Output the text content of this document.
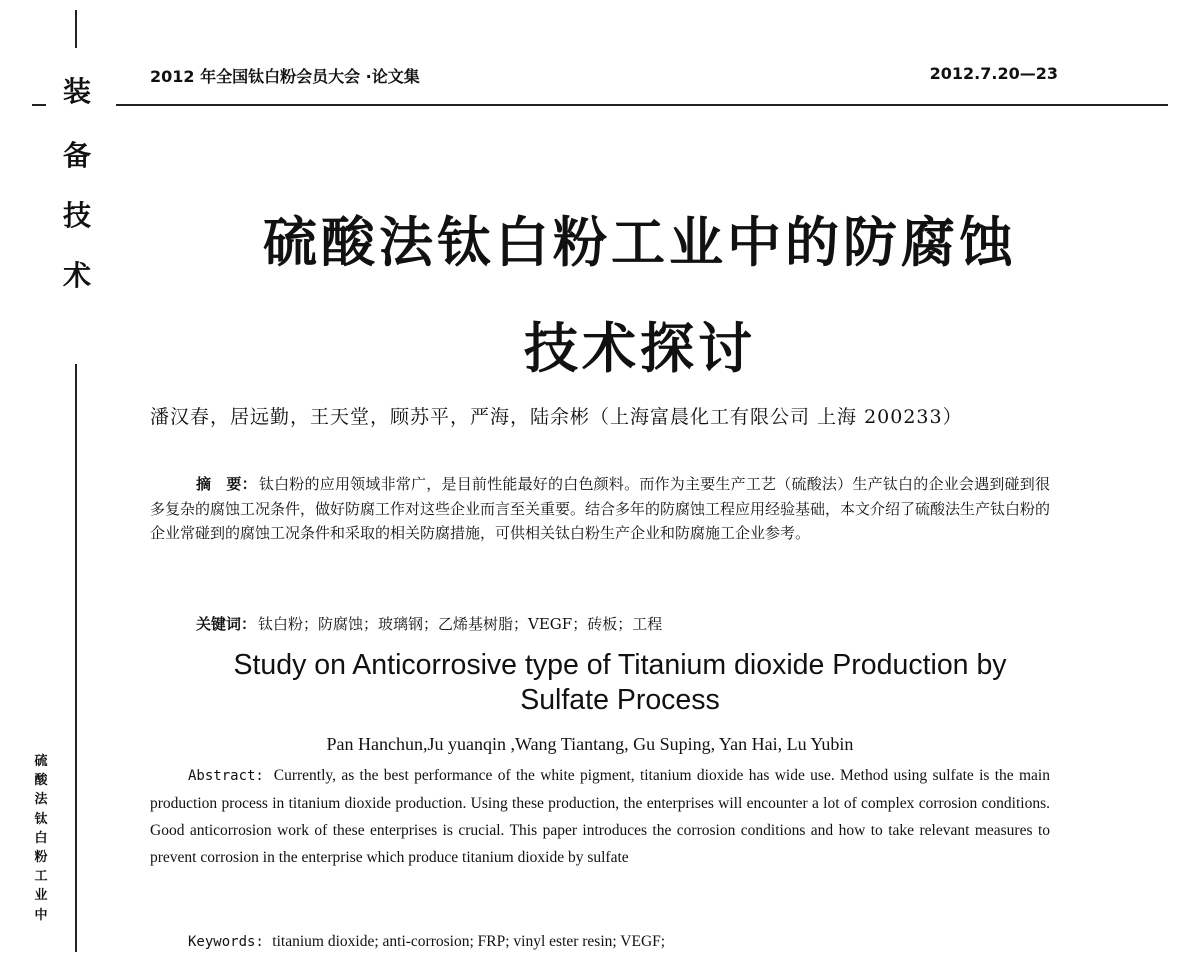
装
备
技
术
硫
酸
法
钛
白
粉
工
业
中
2012 年全国钛白粉会员大会 ·论文集	2012.7.20—23
硫酸法钛白粉工业中的防腐蚀
技术探讨
潘汉春，居远勤，王天堂，顾苏平，严海，陆余彬（上海富晨化工有限公司 上海 200233）
摘　要： 钛白粉的应用领域非常广，是目前性能最好的白色颜料。而作为主要生产工艺（硫酸法）生产钛白的企业会遇到碰到很多复杂的腐蚀工况条件，做好防腐工作对这些企业而言至关重要。结合多年的防腐蚀工程应用经验基础，本文介绍了硫酸法生产钛白粉的企业常碰到的腐蚀工况条件和采取的相关防腐措施，可供相关钛白粉生产企业和防腐施工企业参考。
关键词： 钛白粉；防腐蚀；玻璃钢；乙烯基树脂；VEGF；砖板；工程
Study on Anticorrosive type of Titanium dioxide Production by
Sulfate Process
Pan Hanchun,Ju yuanqin ,Wang Tiantang, Gu Suping, Yan Hai, Lu Yubin
Abstract: Currently, as the best performance of the white pigment, titanium dioxide has wide use. Method using sulfate is the main production process in titanium dioxide production. Using these production, the enterprises will encounter a lot of complex corrosion conditions. Good anticorrosion work of these enterprises is crucial. This paper introduces the corrosion conditions and how to take relevant measures to prevent corrosion in the enterprise which produce titanium dioxide by sulfate
Keywords: titanium dioxide; anti-corrosion; FRP; vinyl ester resin; VEGF;
